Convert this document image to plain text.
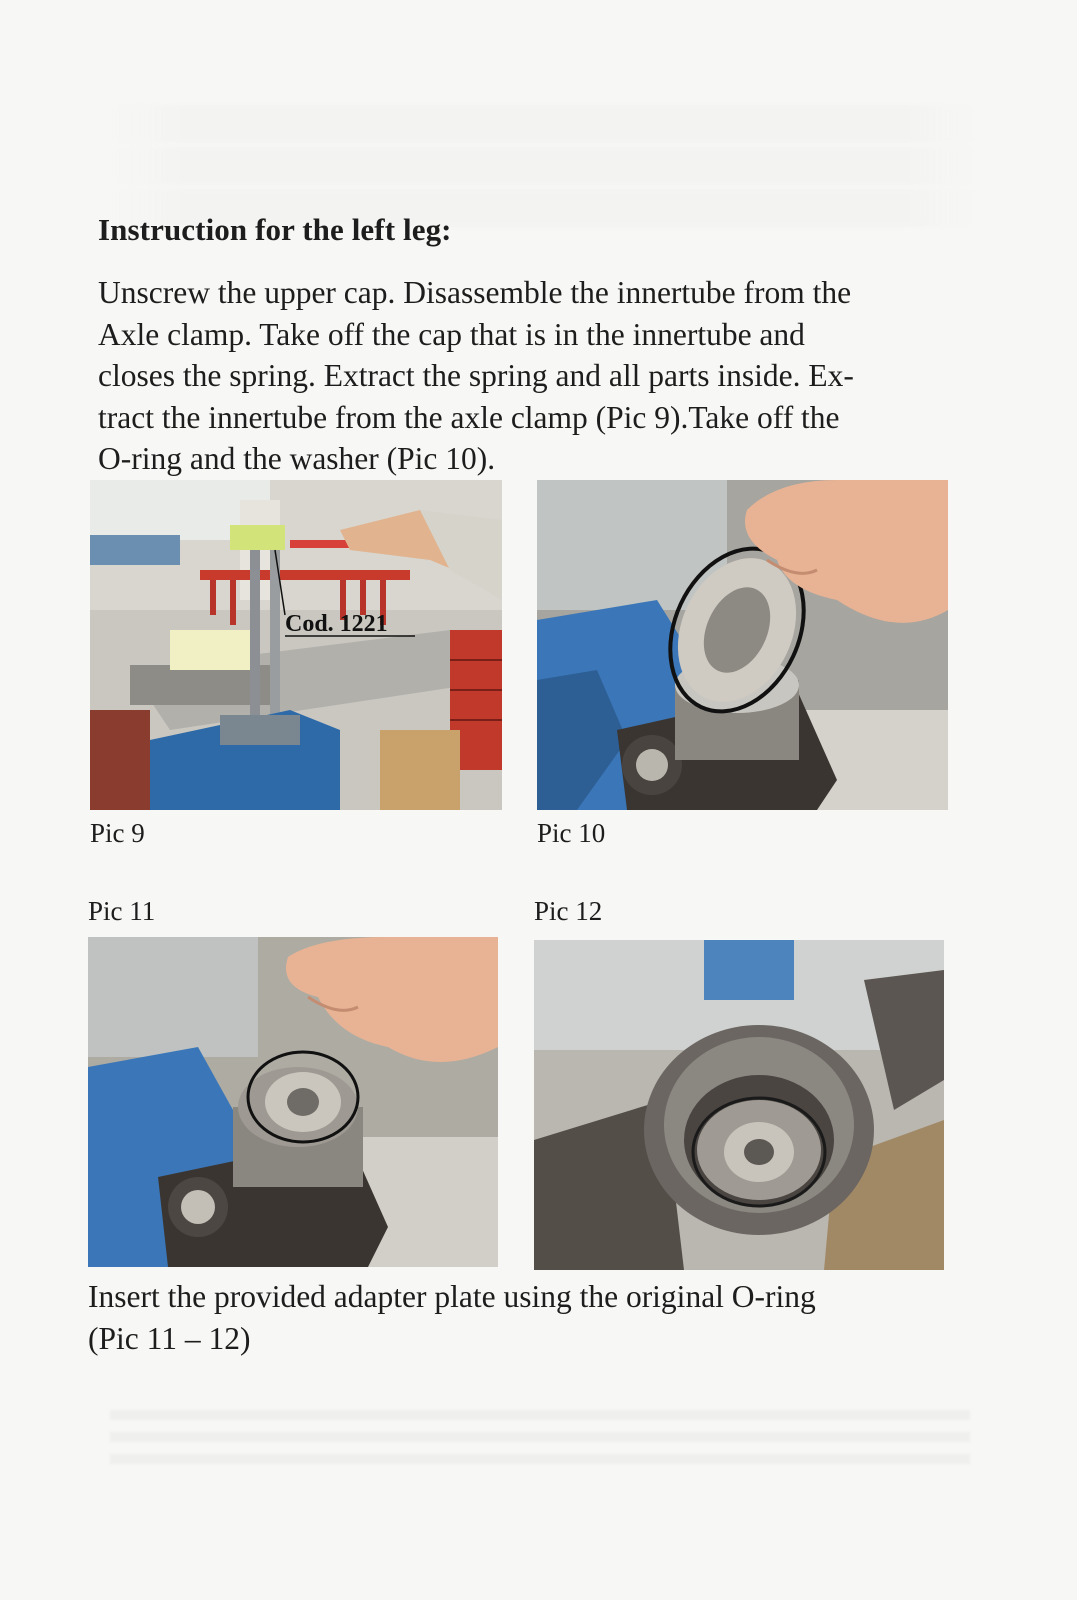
Instruction for the left leg:
Unscrew the upper cap. Disassemble the innertube from the
Axle clamp. Take off the cap that is in the innertube and
closes the spring. Extract the spring and all parts inside. Ex-
tract the innertube from the axle clamp (Pic 9).Take off the
O-ring and the washer (Pic 10).
Cod. 1221
Pic 9	Pic 10
Pic 11	Pic 12
Insert the provided adapter plate using the original O-ring
(Pic 11 – 12)
